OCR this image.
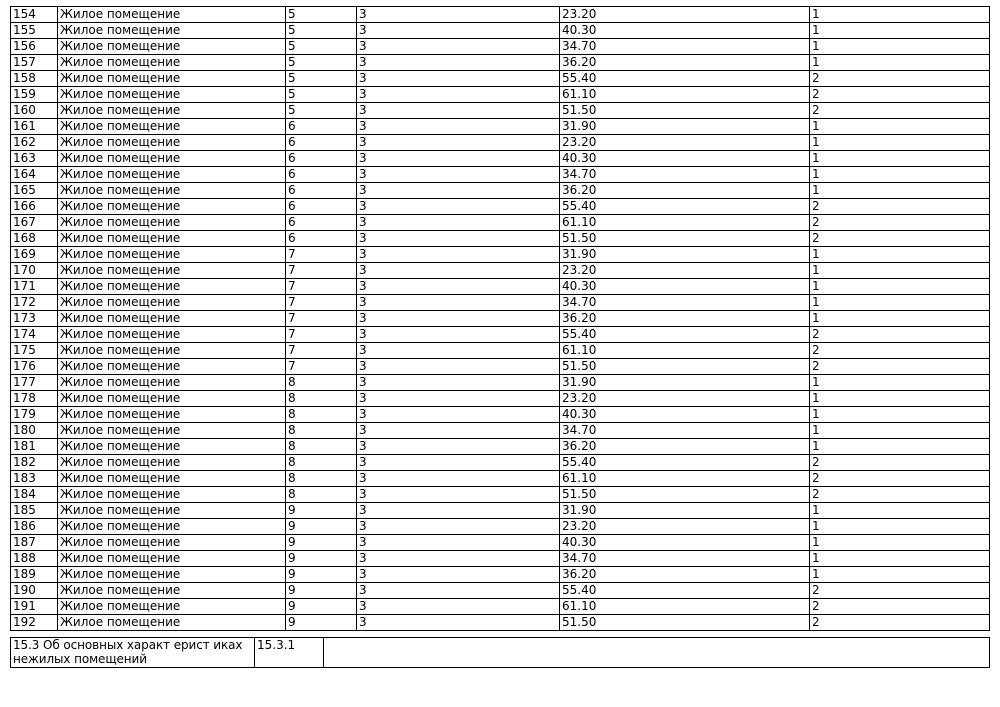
154	Жилое помещение	5	3	23.20	1
155	Жилое помещение	5	3	40.30	1
156	Жилое помещение	5	3	34.70	1
157	Жилое помещение	5	3	36.20	1
158	Жилое помещение	5	3	55.40	2
159	Жилое помещение	5	3	61.10	2
160	Жилое помещение	5	3	51.50	2
161	Жилое помещение	6	3	31.90	1
162	Жилое помещение	6	3	23.20	1
163	Жилое помещение	6	3	40.30	1
164	Жилое помещение	6	3	34.70	1
165	Жилое помещение	6	3	36.20	1
166	Жилое помещение	6	3	55.40	2
167	Жилое помещение	6	3	61.10	2
168	Жилое помещение	6	3	51.50	2
169	Жилое помещение	7	3	31.90	1
170	Жилое помещение	7	3	23.20	1
171	Жилое помещение	7	3	40.30	1
172	Жилое помещение	7	3	34.70	1
173	Жилое помещение	7	3	36.20	1
174	Жилое помещение	7	3	55.40	2
175	Жилое помещение	7	3	61.10	2
176	Жилое помещение	7	3	51.50	2
177	Жилое помещение	8	3	31.90	1
178	Жилое помещение	8	3	23.20	1
179	Жилое помещение	8	3	40.30	1
180	Жилое помещение	8	3	34.70	1
181	Жилое помещение	8	3	36.20	1
182	Жилое помещение	8	3	55.40	2
183	Жилое помещение	8	3	61.10	2
184	Жилое помещение	8	3	51.50	2
185	Жилое помещение	9	3	31.90	1
186	Жилое помещение	9	3	23.20	1
187	Жилое помещение	9	3	40.30	1
188	Жилое помещение	9	3	34.70	1
189	Жилое помещение	9	3	36.20	1
190	Жилое помещение	9	3	55.40	2
191	Жилое помещение	9	3	61.10	2
192	Жилое помещение	9	3	51.50	2
15.3 Об основных характ ерист иках нежилых помещений	15.3.1	
